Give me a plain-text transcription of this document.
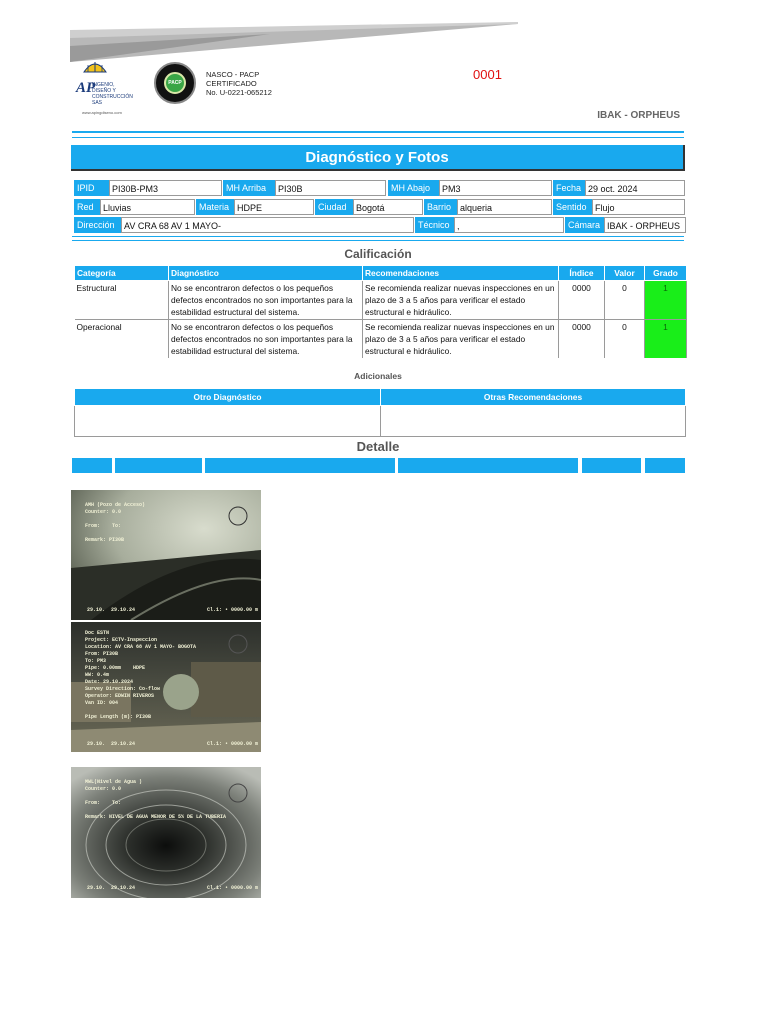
AP
INGENIO, DISEÑO Y CONSTRUCCIÓN SAS
www.apingdiseno.com
PACP
NASCO - PACP
CERTIFICADO
No. U-0221-065212
0001
IBAK - ORPHEUS
Diagnóstico y Fotos
IPID	PI30B-PM3	MH Arriba	PI30B	MH Abajo	PM3	Fecha 29 oct. 2024
Red	Lluvias	Materia HDPE	Ciudad	Bogotá	Barrio alqueria	Sentido Flujo
Dirección	AV CRA 68 AV 1 MAYO-	Técnico ,	Cámara IBAK - ORPHEUS
Calificación
Categoría	Diagnóstico	Recomendaciones	Índice	Valor	Grado
Estructural	No se encontraron defectos o los pequeños defectos encontrados no son importantes para la estabilidad estructural del sistema.	Se recomienda realizar nuevas inspecciones en un plazo de 3 a 5 años para verificar el estado estructural e hidráulico.	0000	0	1
Operacional	No se encontraron defectos o los pequeños defectos encontrados no son importantes para la estabilidad estructural del sistema.	Se recomienda realizar nuevas inspecciones en un plazo de 3 a 5 años para verificar el estado estructural e hidráulico.	0000	0	1
Adicionales
Otro Diagnóstico	Otras Recomendaciones

Detalle
AMH (Pozo de Acceso)
Counter: 0.0

From:    To:

Remark: PI30B
29.10.  29.10.24	Cl.1: • 0000.00 m
Doc ESTN
Project: ECTV-Inspeccion
Location: AV CRA 68 AV 1 MAYO- BOGOTA
From: PI30B
To: PM3
Pipe: 0.00mm    HDPE
WW: 0.4m
Date: 29.10.2024
Survey Direction: Co-flow
Operator: EDWIN RIVEROS
Van ID: 004

Pipe Length (m): PI30B
29.10.  29.10.24	Cl.1: • 0000.00 m
MWL(Nivel de Agua )
Counter: 0.0

From:    To:

Remark: NIVEL DE AGUA MENOR DE 5% DE LA TUBERIA
29.10.  29.10.24	Cl.1: • 0000.00 m
